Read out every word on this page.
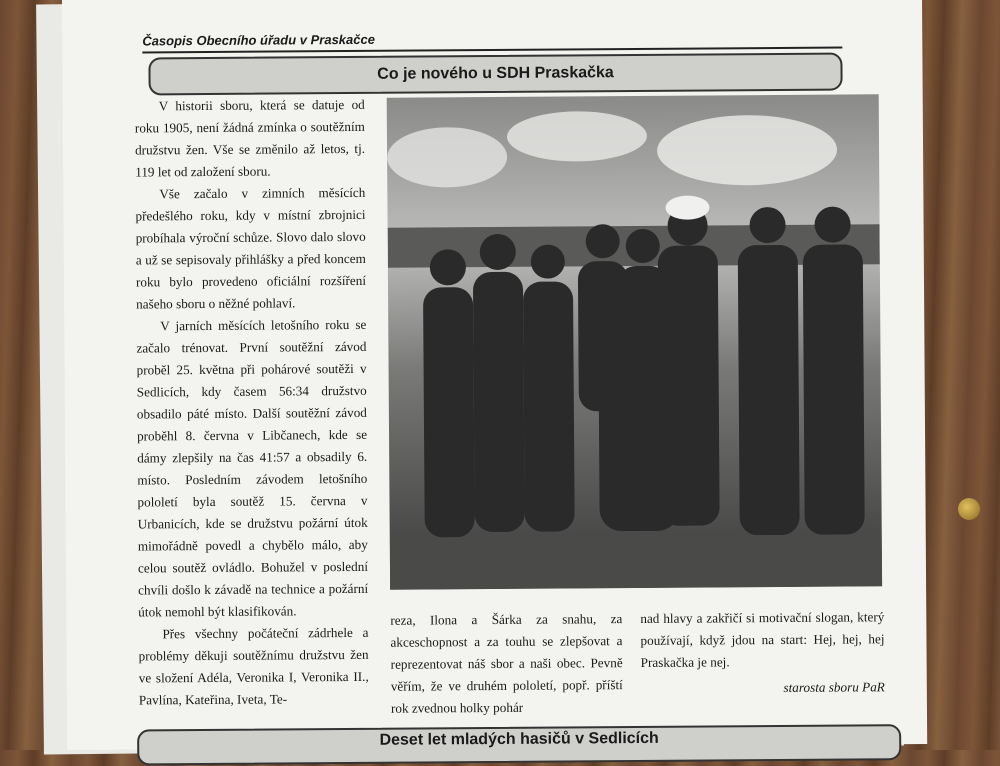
Časopis Obecního úřadu v Praskačce
Co je nového u SDH Praskačka

V historii sboru, která se datuje od roku 1905, není žádná zmínka o soutěžním družstvu žen. Vše se změnilo až letos, tj. 119 let od založení sboru.

Vše začalo v zimních měsících předešlého roku, kdy v místní zbrojnici probíhala výroční schůze. Slovo dalo slovo a už se sepisovaly přihlášky a před koncem roku bylo provedeno oficiální rozšíření našeho sboru o něžné pohlaví.

V jarních měsících letošního roku se začalo trénovat. První soutěžní závod proběl 25. května při pohárové soutěži v Sedlicích, kdy časem 56:34 družstvo obsadilo páté místo. Další soutěžní závod proběhl 8. června v Libčanech, kde se dámy zlepšily na čas 41:57 a obsadily 6. místo. Posledním závodem letošního pololetí byla soutěž 15. června v Urbanicích, kde se družstvu požární útok mimořádně povedl a chybělo málo, aby celou soutěž ovládlo. Bohužel v poslední chvíli došlo k závadě na technice a požární útok nemohl být klasifikován.

Přes všechny počáteční zádrhele a problémy děkuji soutěžnímu družstvu žen ve složení Adéla, Veronika I, Veronika II., Pavlína, Kateřina, Iveta, Te-

reza, Ilona a Šárka za snahu, za akceschopnost a za touhu se zlepšovat a reprezentovat náš sbor a naši obec. Pevně věřím, že ve druhém pololetí, popř. příští rok zvednou holky pohár
nad hlavy a zakřičí si motivační slogan, který používají, když jdou na start: Hej, hej, hej Praskačka je nej.
starosta sboru PaR
Deset let mladých hasičů v Sedlicích
